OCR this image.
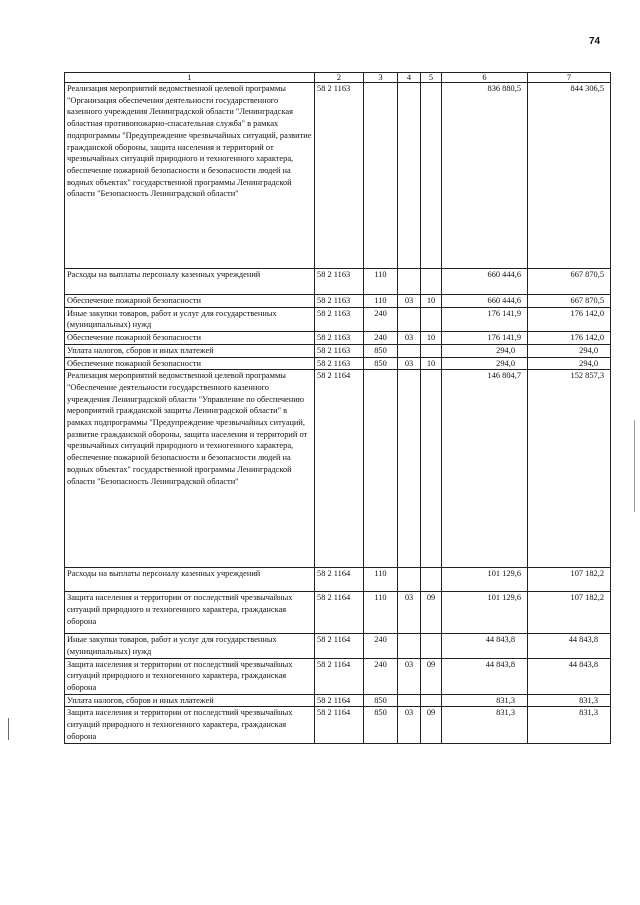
74
1	2	3	4	5	6	7
Реализация мероприятий ведомственной целевой программы "Организация обеспечения деятельности государственного казенного учреждения Ленинградской области "Ленинградская областная противопожарно-спасательная служба" в рамках подпрограммы "Предупреждение чрезвычайных ситуаций, развитие гражданской обороны, защита населения и территорий от чрезвычайных ситуаций природного и техногенного характера, обеспечение пожарной безопасности и безопасности людей на водных объектах" государственной программы Ленинградской области "Безопасность Ленинградской области"	58 2 1163				836 880,5	844 306,5
Расходы на выплаты персоналу казенных учреждений	58 2 1163	110			660 444,6	667 870,5
Обеспечение пожарной безопасности	58 2 1163	110	03	10	660 444,6	667 870,5
Иные закупки товаров, работ и услуг для государственных (муниципальных) нужд	58 2 1163	240			176 141,9	176 142,0
Обеспечение пожарной безопасности	58 2 1163	240	03	10	176 141,9	176 142,0
Уплата налогов, сборов и иных платежей	58 2 1163	850			294,0	294,0
Обеспечение пожарной безопасности	58 2 1163	850	03	10	294,0	294,0
Реализация мероприятий ведомственной целевой программы "Обеспечение деятельности государственного казенного учреждения Ленинградской области "Управление по обеспечению мероприятий гражданской защиты Ленинградской области" в рамках подпрограммы "Предупреждение чрезвычайных ситуаций, развитие гражданской обороны, защита населения и территорий от чрезвычайных ситуаций природного и техногенного характера, обеспечение пожарной безопасности и безопасности людей на водных объектах" государственной программы Ленинградской области "Безопасность Ленинградской области"	58 2 1164				146 804,7	152 857,3
Расходы на выплаты персоналу казенных учреждений	58 2 1164	110			101 129,6	107 182,2
Защита населения и территории от последствий чрезвычайных ситуаций природного и техногенного характера, гражданская оборона	58 2 1164	110	03	09	101 129,6	107 182,2
Иные закупки товаров, работ и услуг для государственных (муниципальных) нужд	58 2 1164	240			44 843,8	44 843,8
Защита населения и территории от последствий чрезвычайных ситуаций природного и техногенного характера, гражданская оборона	58 2 1164	240	03	09	44 843,8	44 843,8
Уплата налогов, сборов и иных платежей	58 2 1164	850			831,3	831,3
Защита населения и территории от последствий чрезвычайных ситуаций природного и техногенного характера, гражданская оборона	58 2 1164	850	03	09	831,3	831,3
